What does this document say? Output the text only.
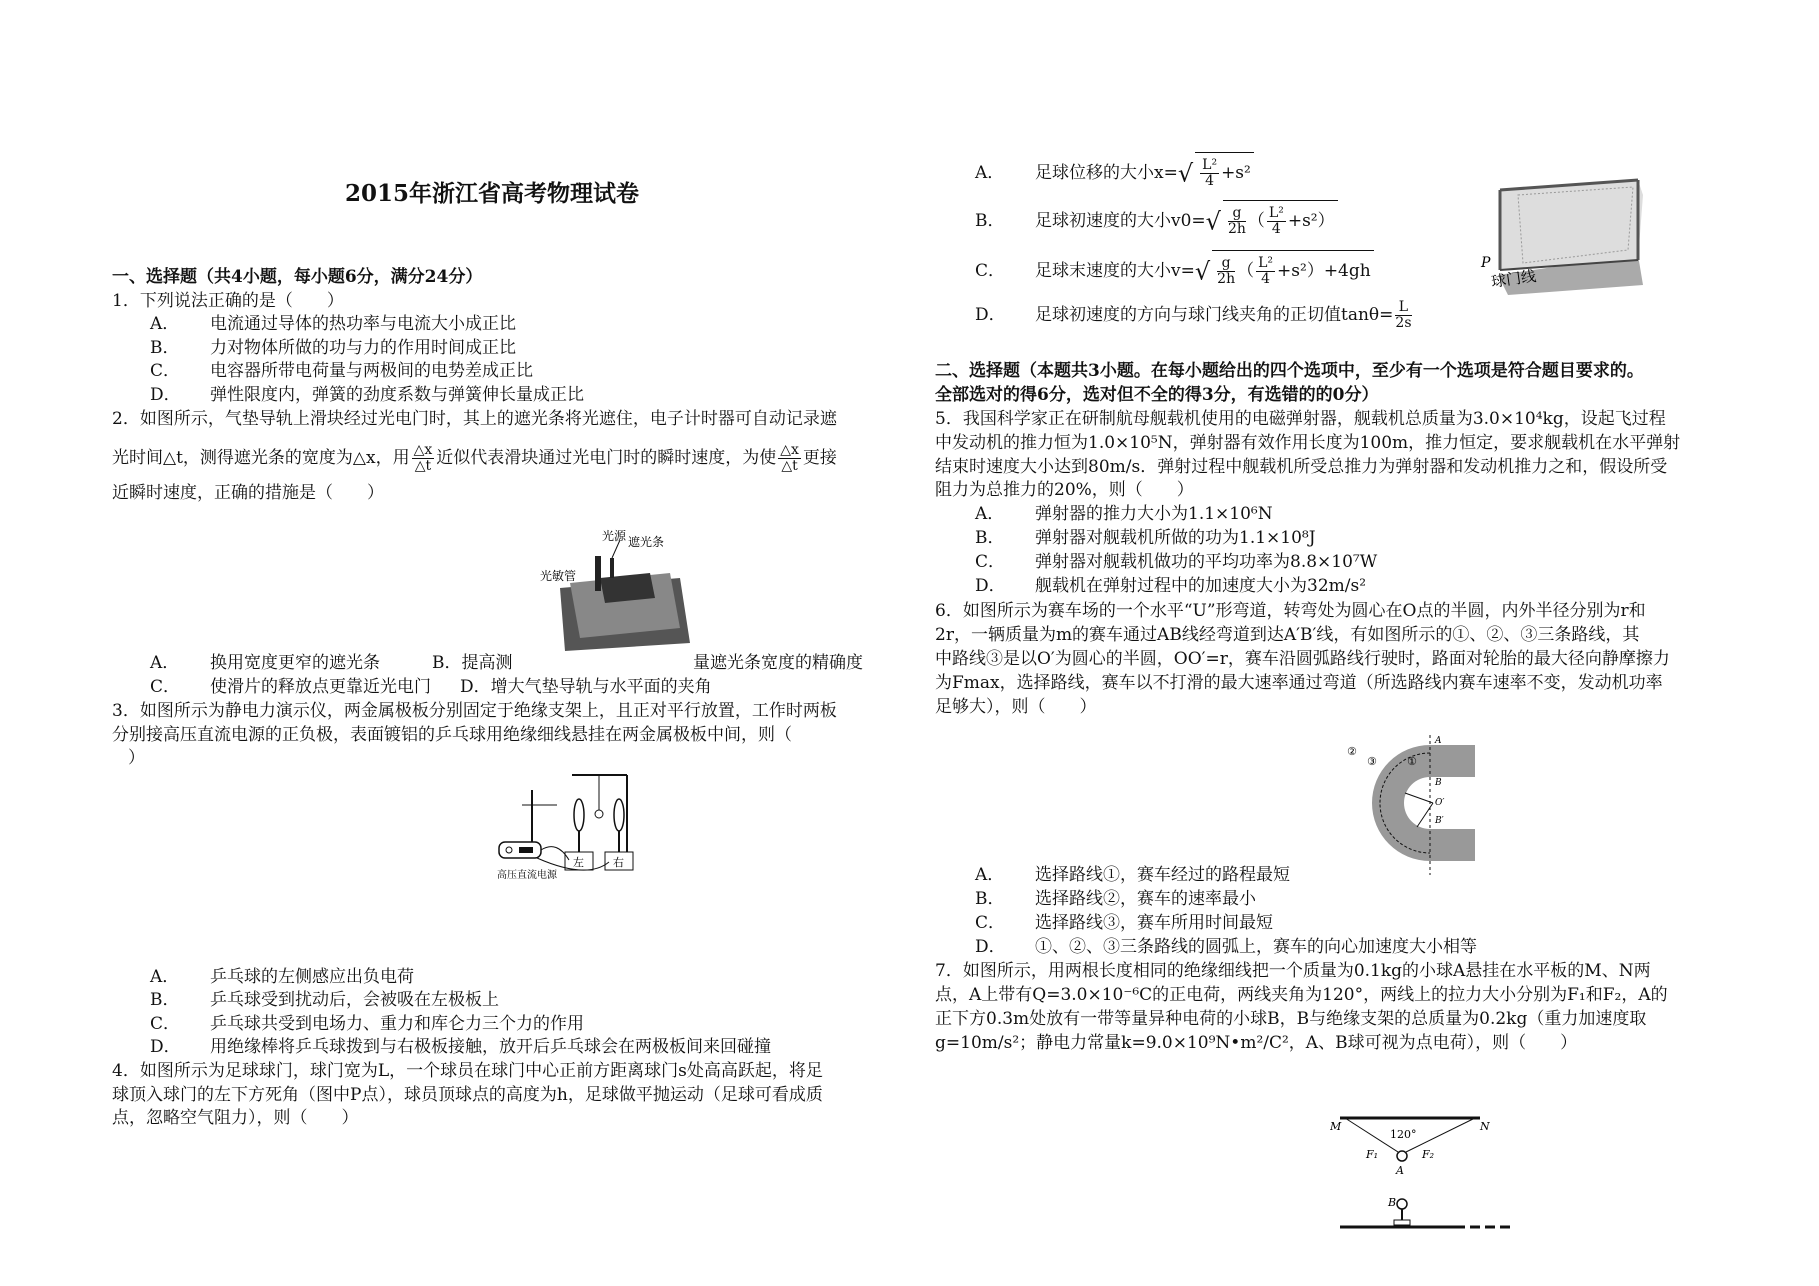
2015年浙江省高考物理试卷
一、选择题（共4小题，每小题6分，满分24分）
1．下列说法正确的是（　　）
A． 电流通过导体的热功率与电流大小成正比
B． 力对物体所做的功与力的作用时间成正比
C． 电容器所带电荷量与两极间的电势差成正比
D． 弹性限度内，弹簧的劲度系数与弹簧伸长量成正比
2．如图所示，气垫导轨上滑块经过光电门时，其上的遮光条将光遮住，电子计时器可自动记录遮
光时间△t，测得遮光条的宽度为△x，用 $\frac{\triangle x}{\triangle t}$ 近似代表滑块通过光电门时的瞬时速度，为使 $\frac{\triangle x}{\triangle t}$ 更接
近瞬时速度，正确的措施是（　　）
光源 遮光条
光敏管
A． 换用宽度更窄的遮光条	B．提高测	量遮光条宽度的精确度
C． 使滑片的释放点更靠近光电门 D．增大气垫导轨与水平面的夹角
3．如图所示为静电力演示仪，两金属极板分别固定于绝缘支架上，且正对平行放置，工作时两板
分别接高压直流电源的正负极，表面镀铝的乒乓球用绝缘细线悬挂在两金属极板中间，则（
）
左	右
高压直流电源
A． 乒乓球的左侧感应出负电荷
B． 乒乓球受到扰动后，会被吸在左极板上
C． 乒乓球共受到电场力、重力和库仑力三个力的作用
D． 用绝缘棒将乒乓球拨到与右极板接触，放开后乒乓球会在两极板间来回碰撞
4．如图所示为足球球门，球门宽为L，一个球员在球门中心正前方距离球门s处高高跃起，将足
球顶入球门的左下方死角（图中P点），球员顶球点的高度为h，足球做平抛运动（足球可看成质
点，忽略空气阻力），则（　　）
A． 足球位移的大小$x=√ \frac{\text{L²}}{4} +s^2$
B． 足球初速度的大小$v0=√ \frac{g}{2h}$ （ $\frac{\text{L²}}{4} +s^2$）
C． 足球末速度的大小$v=√ \frac{g}{2h}$ （ $\frac{\text{L²}}{4} +s^2)+4gh$
D． 足球初速度的方向与球门线夹角的正切值$\tan\theta= \frac{L}{2s}$
P
球门线
二、选择题（本题共3小题。在每小题给出的四个选项中，至少有一个选项是符合题目要求的。
全部选对的得6分，选对但不全的得3分，有选错的的0分）
5．我国科学家正在研制航母舰载机使用的电磁弹射器，舰载机总质量为3.0×10⁴kg，设起飞过程
中发动机的推力恒为1.0×10⁵N，弹射器有效作用长度为100m，推力恒定，要求舰载机在水平弹射
结束时速度大小达到80m/s．弹射过程中舰载机所受总推力为弹射器和发动机推力之和，假设所受
阻力为总推力的20%，则（　　）
A． 弹射器的推力大小为1.1×10⁶N
B． 弹射器对舰载机所做的功为1.1×10⁸J
C． 弹射器对舰载机做功的平均功率为8.8×10⁷W
D． 舰载机在弹射过程中的加速度大小为32m/s²
6．如图所示为赛车场的一个水平“U”形弯道，转弯处为圆心在O点的半圆，内外半径分别为r和
2r，一辆质量为m的赛车通过AB线经弯道到达A′B′线，有如图所示的①、②、③三条路线，其
中路线③是以O′为圆心的半圆，OO′=r，赛车沿圆弧路线行驶时，路面对轮胎的最大径向静摩擦力
为Fmax，选择路线，赛车以不打滑的最大速率通过弯道（所选路线内赛车速率不变，发动机功率
足够大），则（　　）
②
③	①
A
B
O′
B′
A． 选择路线①，赛车经过的路程最短
B． 选择路线②，赛车的速率最小
C． 选择路线③，赛车所用时间最短
D． ①、②、③三条路线的圆弧上，赛车的向心加速度大小相等
7．如图所示，用两根长度相同的绝缘细线把一个质量为0.1kg的小球A悬挂在水平板的M、N两
点，A上带有Q=3.0×10⁻⁶C的正电荷，两线夹角为120°，两线上的拉力大小分别为F₁和F₂，A的
正下方0.3m处放有一带等量异种电荷的小球B，B与绝缘支架的总质量为0.2kg（重力加速度取
g=10m/s²；静电力常量k=9.0×10⁹N•m²/C²，A、B球可视为点电荷），则（　　）
M	N
120°
F₁	F₂
A
B
